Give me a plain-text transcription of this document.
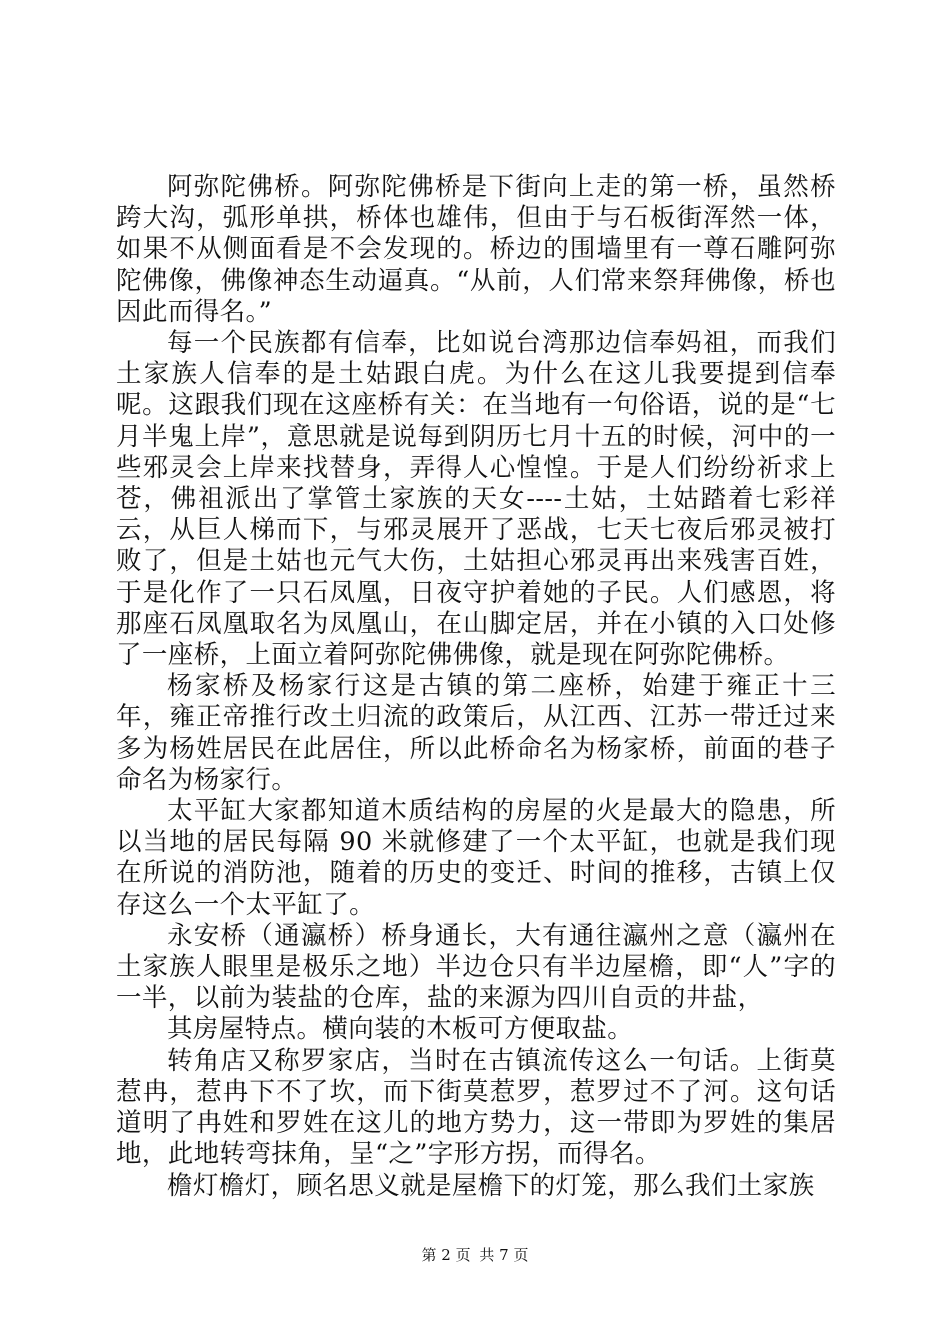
阿弥陀佛桥。阿弥陀佛桥是下街向上走的第一桥，虽然桥跨大沟，弧形单拱，桥体也雄伟，但由于与石板街浑然一体，如果不从侧面看是不会发现的。桥边的围墙里有一尊石雕阿弥陀佛像，佛像神态生动逼真。“从前，人们常来祭拜佛像，桥也因此而得名。”

每一个民族都有信奉，比如说台湾那边信奉妈祖，而我们土家族人信奉的是土姑跟白虎。为什么在这儿我要提到信奉呢。这跟我们现在这座桥有关：在当地有一句俗语，说的是“七月半鬼上岸”，意思就是说每到阴历七月十五的时候，河中的一些邪灵会上岸来找替身，弄得人心惶惶。于是人们纷纷祈求上苍，佛祖派出了掌管土家族的天女----土姑，土姑踏着七彩祥云，从巨人梯而下，与邪灵展开了恶战，七天七夜后邪灵被打败了，但是土姑也元气大伤，土姑担心邪灵再出来残害百姓，于是化作了一只石凤凰，日夜守护着她的子民。人们感恩，将那座石凤凰取名为凤凰山，在山脚定居，并在小镇的入口处修了一座桥，上面立着阿弥陀佛佛像，就是现在阿弥陀佛桥。

杨家桥及杨家行这是古镇的第二座桥，始建于雍正十三年，雍正帝推行改土归流的政策后，从江西、江苏一带迁过来多为杨姓居民在此居住，所以此桥命名为杨家桥，前面的巷子命名为杨家行。

太平缸大家都知道木质结构的房屋的火是最大的隐患，所以当地的居民每隔 90 米就修建了一个太平缸，也就是我们现在所说的消防池，随着的历史的变迁、时间的推移，古镇上仅存这么一个太平缸了。

永安桥（通瀛桥）桥身通长，大有通往瀛州之意（瀛州在土家族人眼里是极乐之地）半边仓只有半边屋檐，即“人”字的一半，以前为装盐的仓库，盐的来源为四川自贡的井盐，

其房屋特点。横向装的木板可方便取盐。

转角店又称罗家店，当时在古镇流传这么一句话。上街莫惹冉，惹冉下不了坎，而下街莫惹罗，惹罗过不了河。这句话道明了冉姓和罗姓在这儿的地方势力，这一带即为罗姓的集居地，此地转弯抹角，呈“之”字形方拐，而得名。

檐灯檐灯，顾名思义就是屋檐下的灯笼，那么我们土家族

第 2 页 共 7 页
